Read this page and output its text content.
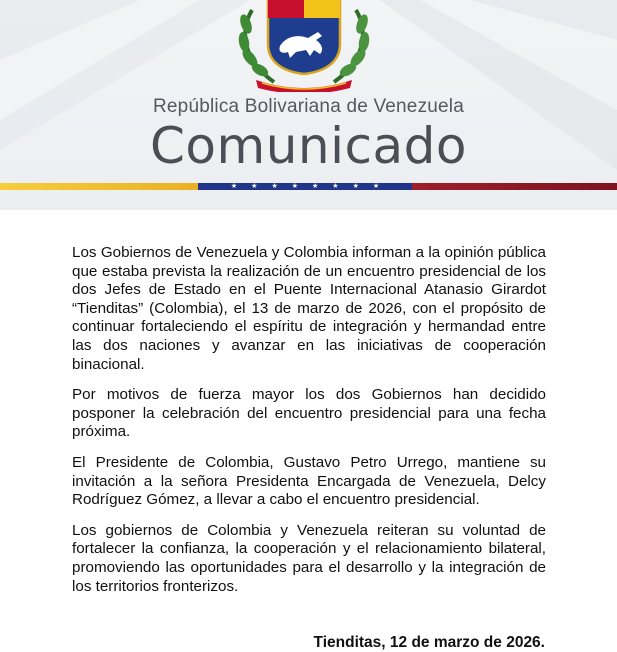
República Bolivariana de Venezuela
Comunicado
★ ★ ★ ★ ★ ★ ★ ★

Los Gobiernos de Venezuela y Colombia informan a la opinión pública que estaba prevista la realización de un encuentro presidencial de los dos Jefes de Estado en el Puente Internacional Atanasio Girardot “Tienditas” (Colombia), el 13 de marzo de 2026, con el propósito de continuar fortaleciendo el espíritu de integración y hermandad entre las dos naciones y avanzar en las iniciativas de cooperación binacional.

Por motivos de fuerza mayor los dos Gobiernos han decidido posponer la celebración del encuentro presidencial para una fecha próxima.

El Presidente de Colombia, Gustavo Petro Urrego, mantiene su invitación a la señora Presidenta Encargada de Venezuela, Delcy Rodríguez Gómez, a llevar a cabo el encuentro presidencial.

Los gobiernos de Colombia y Venezuela reiteran su voluntad de fortalecer la confianza, la cooperación y el relacionamiento bilateral, promoviendo las oportunidades para el desarrollo y la integración de los territorios fronterizos.

Tienditas, 12 de marzo de 2026.
